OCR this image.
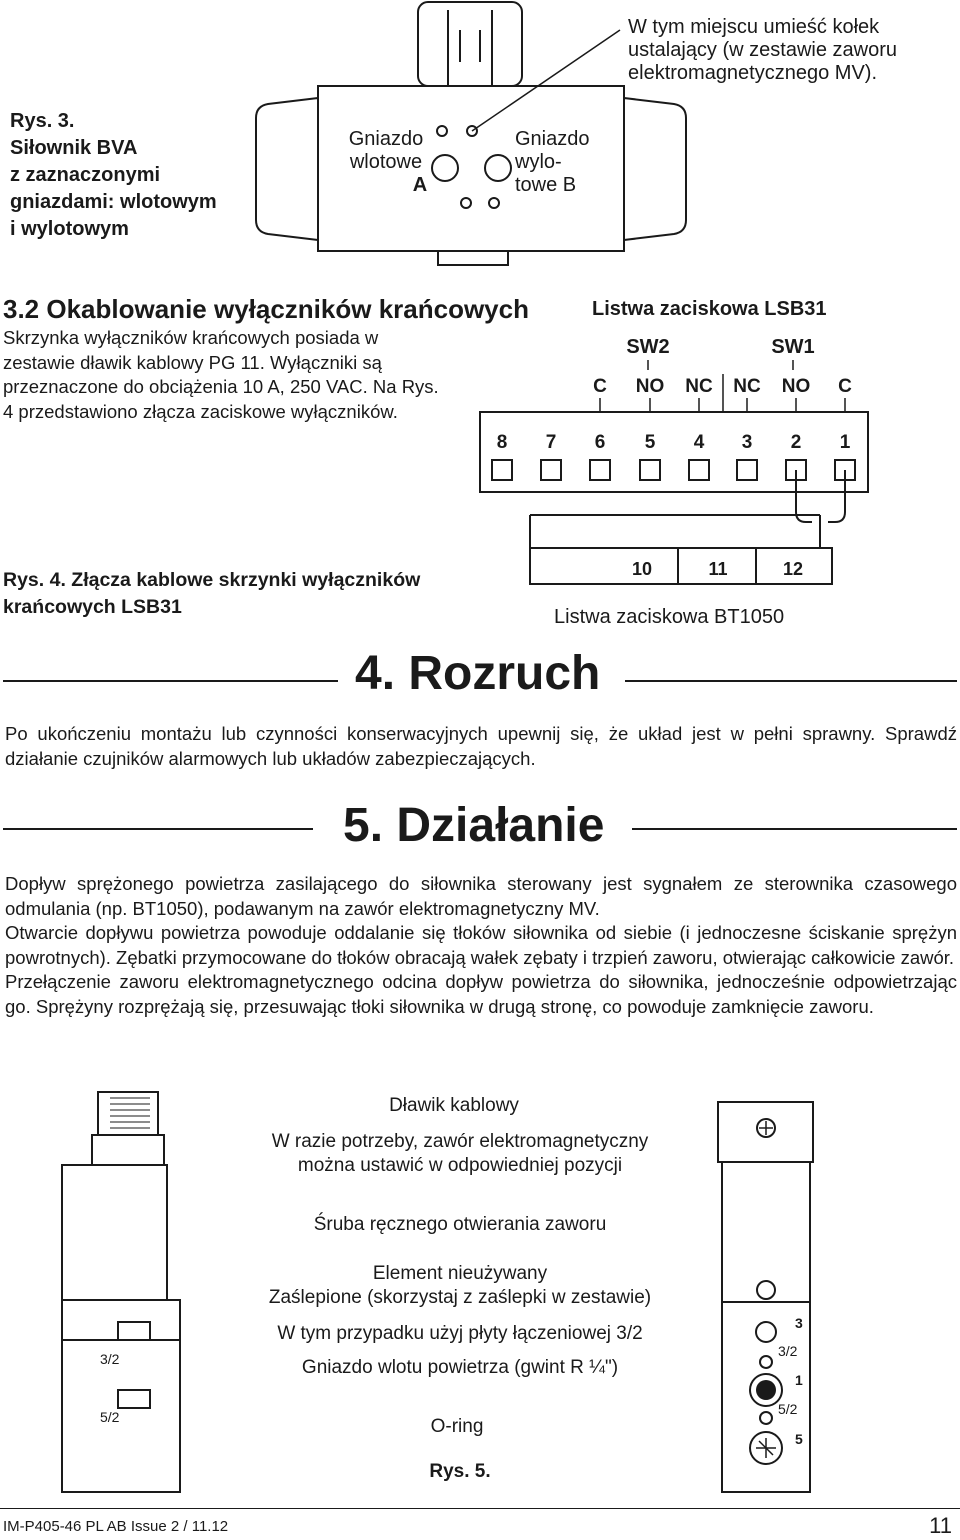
Rys. 3.
Siłownik BVA
z zaznaczonymi
gniazdami: wlotowym
i wylotowym
Gniazdo
wlotowe
A
Gniazdo
wylo-
towe B
W tym miejscu umieść kołek
ustalający (w zestawie zaworu
elektromagnetycznego MV).
3.2 Okablowanie wyłączników krańcowych
Skrzynka wyłączników krańcowych posiada w zestawie dławik kablowy PG 11. Wyłączniki są przeznaczone do obciążenia 10 A, 250 VAC. Na Rys. 4 przedstawiono złącza zaciskowe wyłączników.
Listwa zaciskowa LSB31
SW2	SW1
C NO NC NC NO C
8 7 6 5 4 3 2 1
10	11	12
Listwa zaciskowa BT1050
Rys. 4. Złącza kablowe skrzynki wyłączników
krańcowych LSB31
4. Rozruch
Po ukończeniu montażu lub czynności konserwacyjnych upewnij się, że układ jest w pełni sprawny. Sprawdź działanie czujników alarmowych lub układów zabezpieczających.
5. Działanie

Dopływ sprężonego powietrza zasilającego do siłownika sterowany jest sygnałem ze sterownika czasowego odmulania (np. BT1050), podawanym na zawór elektromagnetyczny MV.

Otwarcie dopływu powietrza powoduje oddalanie się tłoków siłownika od siebie (i jednoczesne ściskanie sprężyn powrotnych). Zębatki przymocowane do tłoków obracają wałek zębaty i trzpień zaworu, otwierając całkowicie zawór.

Przełączenie zaworu elektromagnetycznego odcina dopływ powietrza do siłownika, jednocześnie odpowietrzając go. Sprężyny rozprężają się, przesuwając tłoki siłownika w drugą stronę, co powoduje zamknięcie zaworu.

3/2
5/2
3
3/2
1
5/2
5
Dławik kablowy
W razie potrzeby, zawór elektromagnetyczny
można ustawić w odpowiedniej pozycji
Śruba ręcznego otwierania zaworu
Element nieużywany
Zaślepione (skorzystaj z zaślepki w zestawie)
W tym przypadku użyj płyty łączeniowej 3/2
Gniazdo wlotu powietrza (gwint R ¼")
O-ring
Rys. 5.
IM-P405-46 PL AB Issue 2 / 11.12	11
